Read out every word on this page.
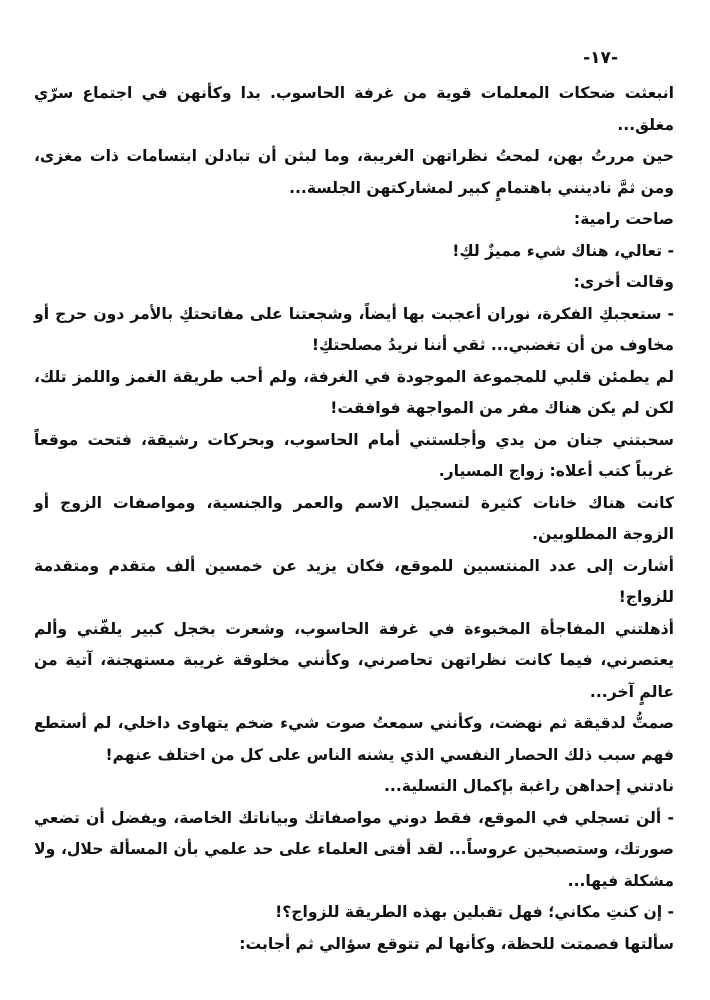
-١٧-

انبعثت ضحكات المعلمات قوية من غرفة الحاسوب. بدا وكأنهن في اجتماع سرّي مغلق...

حين مررتُ بهن، لمحتُ نظراتهن الغريبة، وما لبثن أن تبادلن ابتسامات ذات مغزى، ومن ثمَّ نادينني باهتمامٍ كبير لمشاركتهن الجلسة...

صاحت رامية:

- تعالي، هناك شيء مميزٌ لكِ!

وقالت أخرى:

- ستعجبكِ الفكرة، نوران أعجبت بها أيضاً، وشجعتنا على مفاتحتكِ بالأمر دون حرج أو مخاوف من أن تغضبي... ثقي أننا نريدُ مصلحتكِ!

لم يطمئن قلبي للمجموعة الموجودة في الغرفة، ولم أحب طريقة الغمز واللمز تلك، لكن لم يكن هناك مفر من المواجهة فوافقت!

سحبتني جنان من يدي وأجلستني أمام الحاسوب، وبحركات رشيقة، فتحت موقعاً غريباً كتب أعلاه: زواج المسيار.

كانت هناك خانات كثيرة لتسجيل الاسم والعمر والجنسية، ومواصفات الزوج أو الزوجة المطلوبين.

أشارت إلى عدد المنتسبين للموقع، فكان يزيد عن خمسين ألف متقدم ومتقدمة للزواج!

أذهلتني المفاجأة المخبوءة في غرفة الحاسوب، وشعرت بخجل كبير يلفّني وألم يعتصرني، فيما كانت نظراتهن تحاصرني، وكأنني مخلوقة غريبة مستهجنة، آتية من عالمٍ آخر...

صمتُّ لدقيقة ثم نهضت، وكأنني سمعتُ صوت شيء ضخم يتهاوى داخلي، لم أستطع فهم سبب ذلك الحصار النفسي الذي يشنه الناس على كل من اختلف عنهم!

نادتني إحداهن راغبة بإكمال التسلية...

- ألن تسجلي في الموقع، فقط دوني مواصفاتك وبياناتك الخاصة، ويفضل أن تضعي صورتك، وستصبحين عروساً... لقد أفتى العلماء على حد علمي بأن المسألة حلال، ولا مشكلة فيها...

- إن كنتِ مكاني؛ فهل تقبلين بهذه الطريقة للزواج؟!

سألتها فصمتت للحظة، وكأنها لم تتوقع سؤالي ثم أجابت:
